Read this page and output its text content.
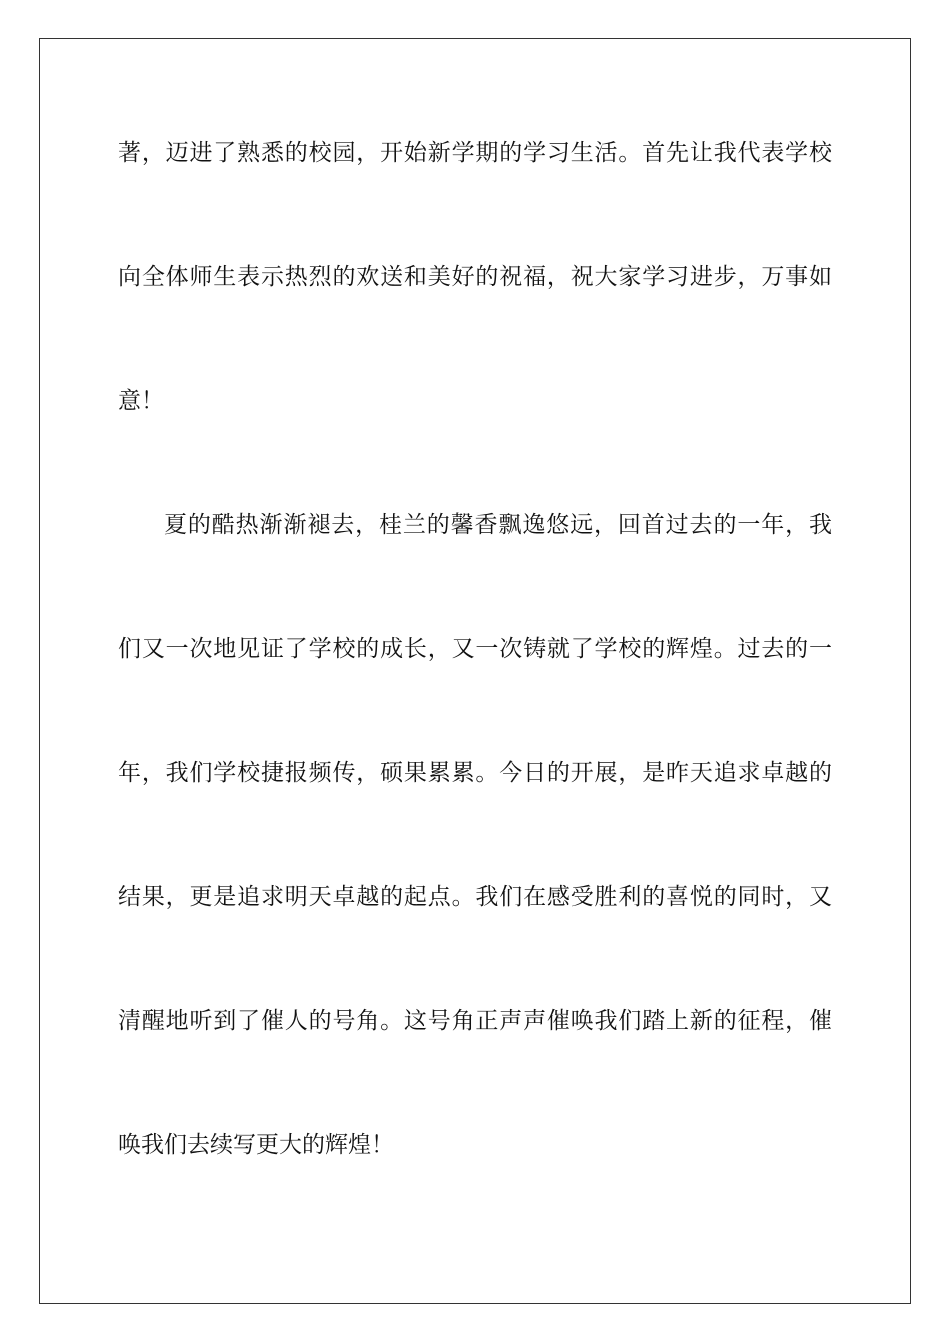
著，迈进了熟悉的校园，开始新学期的学习生活。首先让我代表学校
向全体师生表示热烈的欢送和美好的祝福，祝大家学习进步，万事如
意！
夏的酷热渐渐褪去，桂兰的馨香飘逸悠远，回首过去的一年，我
们又一次地见证了学校的成长，又一次铸就了学校的辉煌。过去的一
年，我们学校捷报频传，硕果累累。今日的开展，是昨天追求卓越的
结果，更是追求明天卓越的起点。我们在感受胜利的喜悦的同时，又
清醒地听到了催人的号角。这号角正声声催唤我们踏上新的征程，催
唤我们去续写更大的辉煌！
